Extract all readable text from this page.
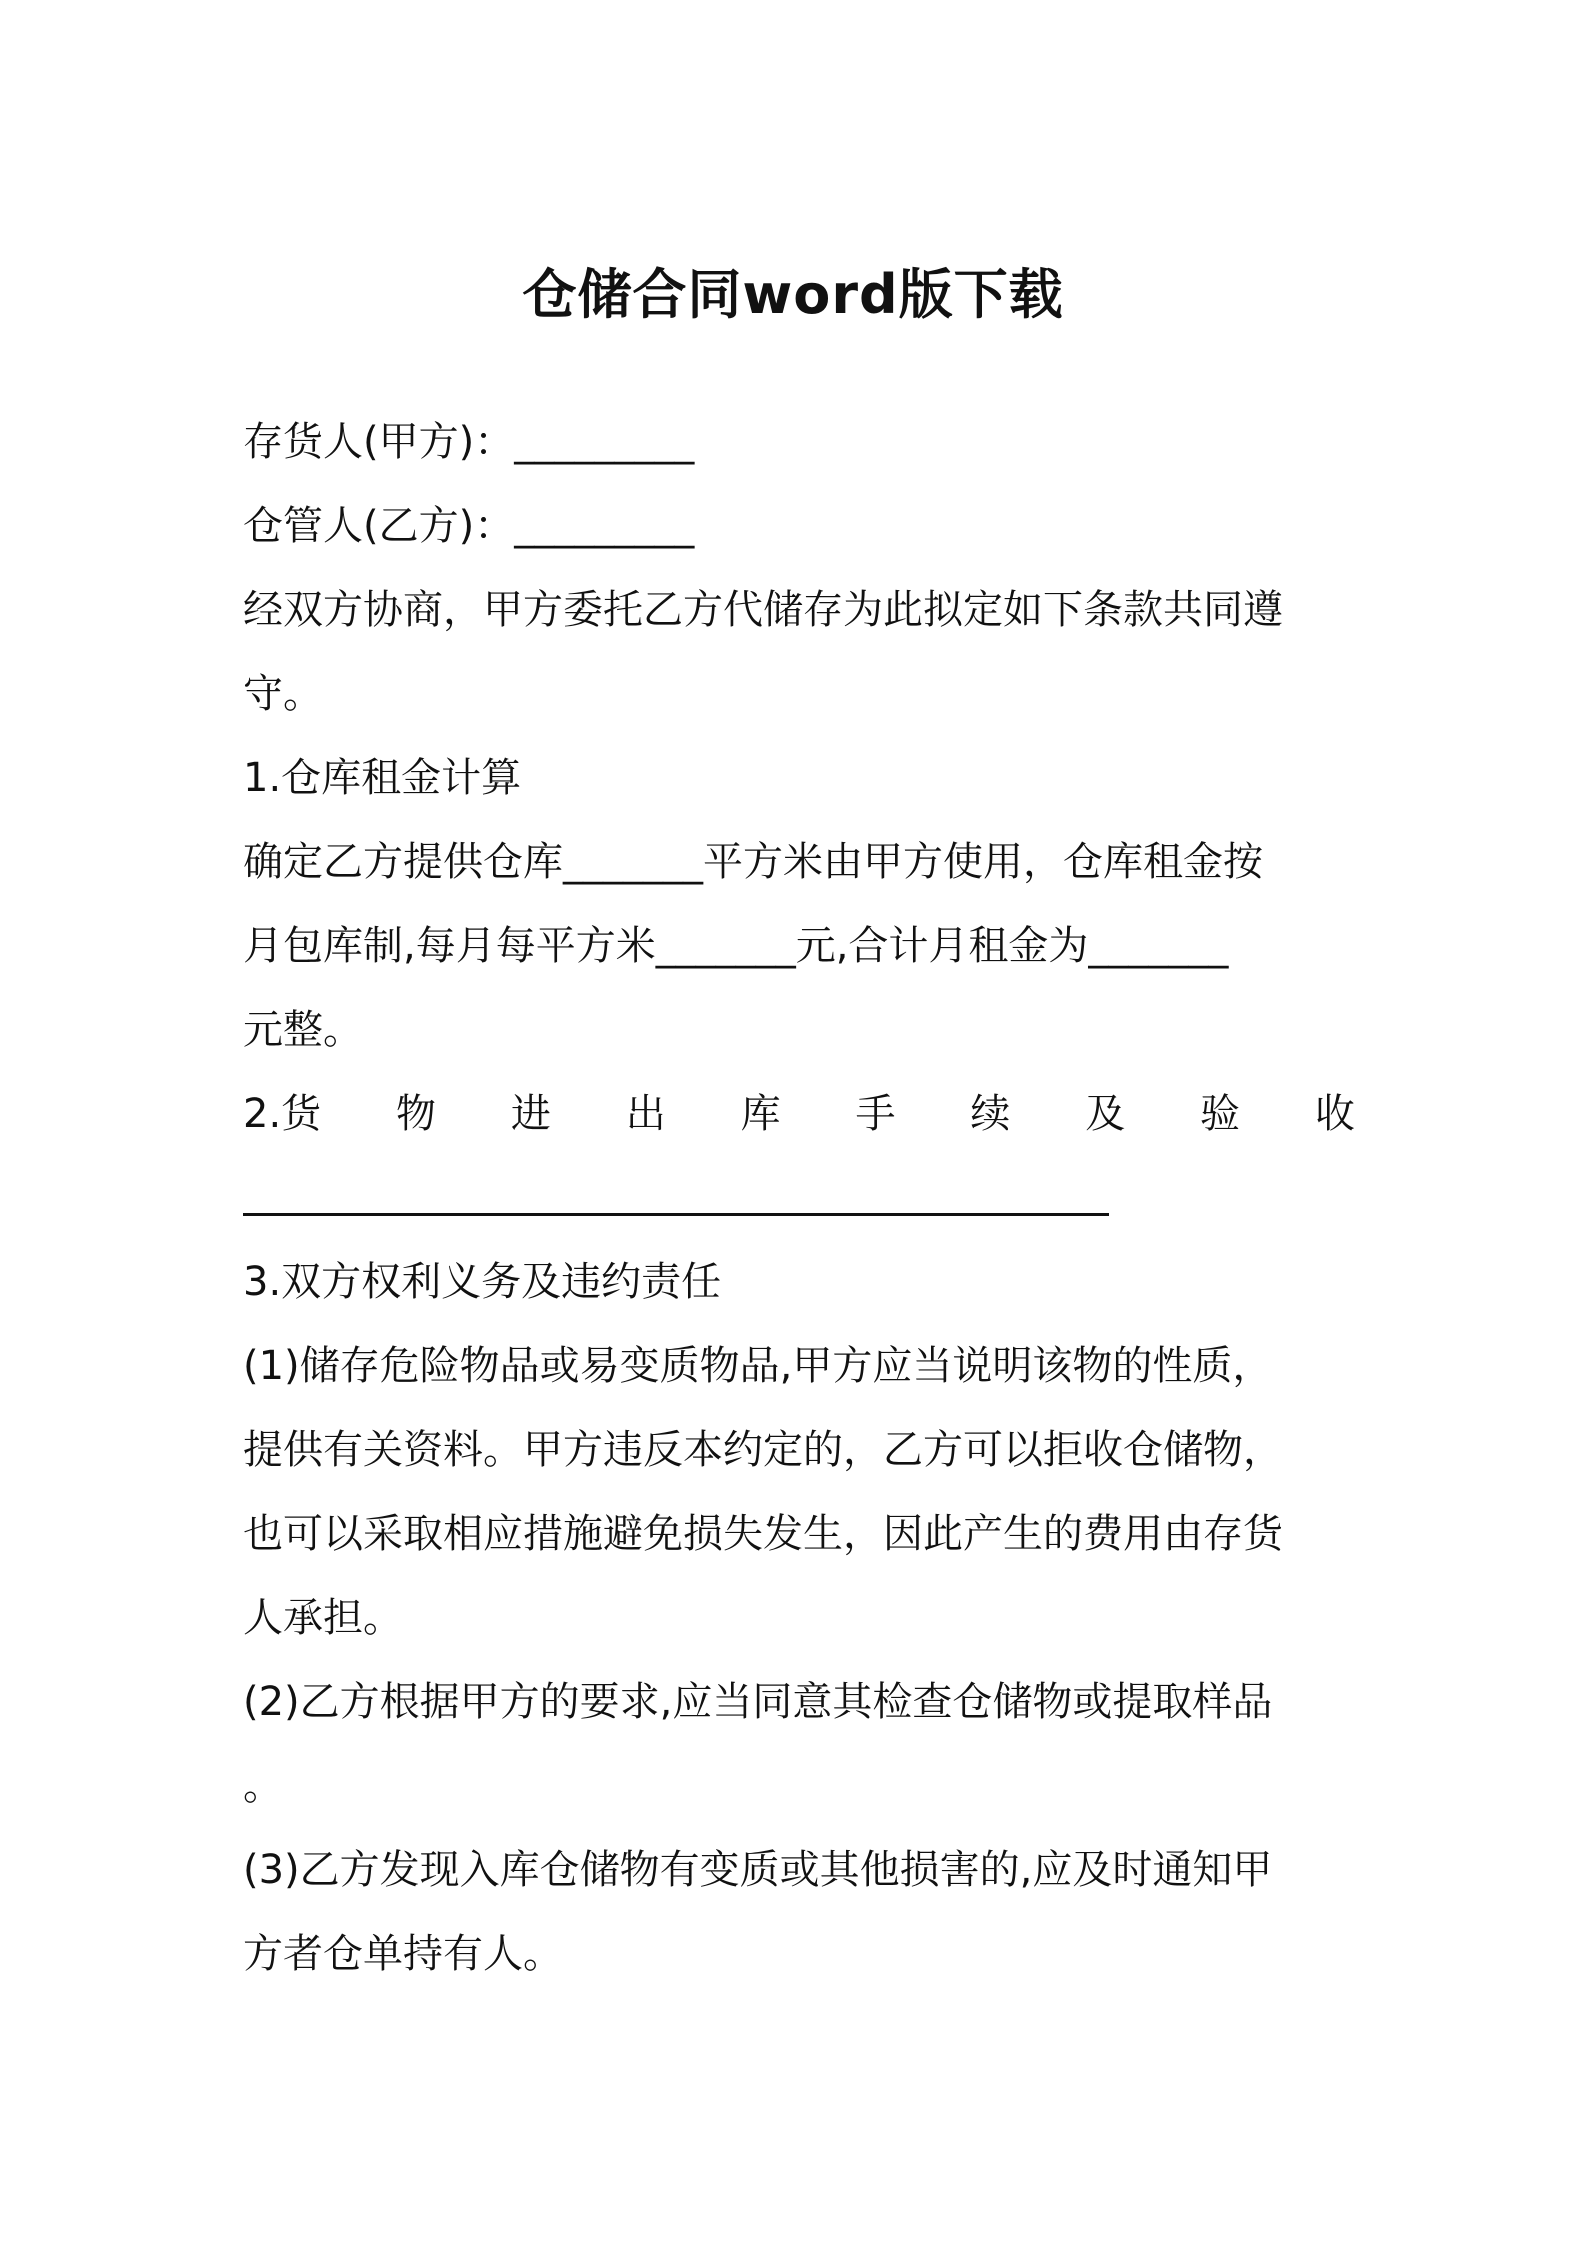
仓储合同word版下载
存货人(甲方)：_________
仓管人(乙方)：_________
经双方协商，甲方委托乙方代储存为此拟定如下条款共同遵
守。
1.仓库租金计算
确定乙方提供仓库_______平方米由甲方使用，仓库租金按
月包库制,每月每平方米_______元,合计月租金为_______
元整。
2.货 物 进 出 库 手 续 及 验 收
3.双方权利义务及违约责任
(1)储存危险物品或易变质物品,甲方应当说明该物的性质，
提供有关资料。甲方违反本约定的，乙方可以拒收仓储物，
也可以采取相应措施避免损失发生，因此产生的费用由存货
人承担。
(2)乙方根据甲方的要求,应当同意其检查仓储物或提取样品
。
(3)乙方发现入库仓储物有变质或其他损害的,应及时通知甲
方者仓单持有人。
